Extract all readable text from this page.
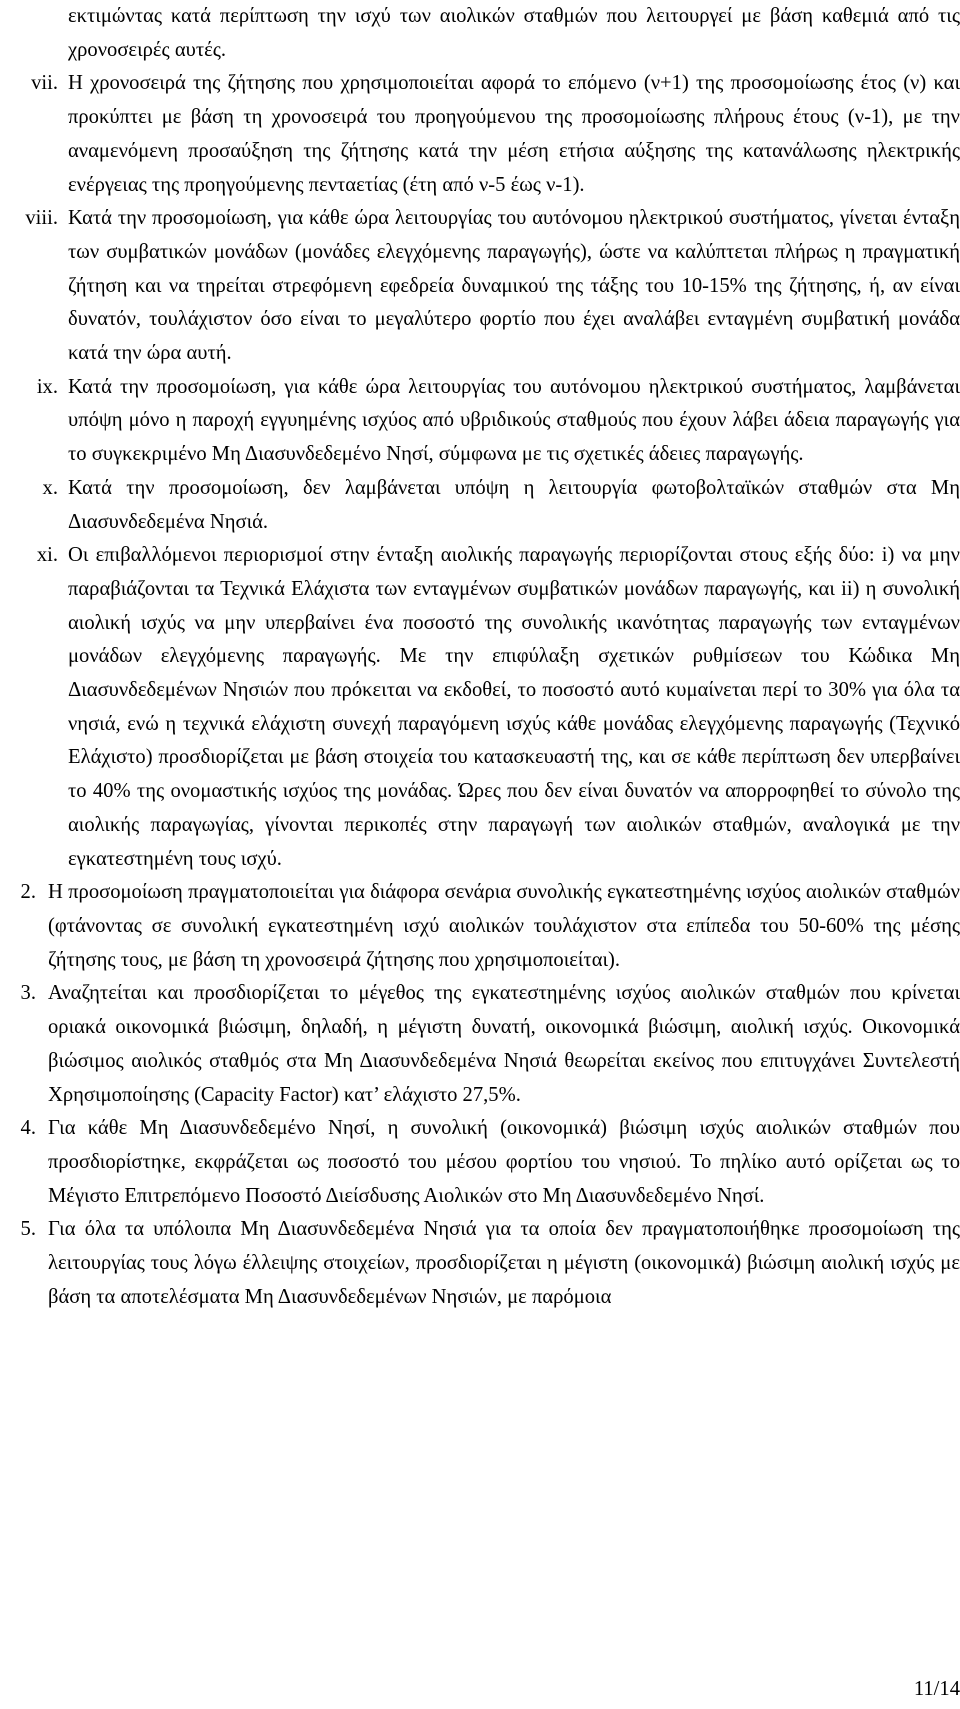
εκτιμώντας κατά περίπτωση την ισχύ των αιολικών σταθμών που λειτουργεί με βάση καθεμιά από τις χρονοσειρές αυτές.
vii. Η χρονοσειρά της ζήτησης που χρησιμοποιείται αφορά το επόμενο (ν+1) της προσομοίωσης έτος (ν) και προκύπτει με βάση τη χρονοσειρά του προηγούμενου της προσομοίωσης πλήρους έτους (ν-1), με την αναμενόμενη προσαύξηση της ζήτησης κατά την μέση ετήσια αύξησης της κατανάλωσης ηλεκτρικής ενέργειας της προηγούμενης πενταετίας (έτη από ν-5 έως ν-1).
viii. Κατά την προσομοίωση, για κάθε ώρα λειτουργίας του αυτόνομου ηλεκτρικού συστήματος, γίνεται ένταξη των συμβατικών μονάδων (μονάδες ελεγχόμενης παραγωγής), ώστε να καλύπτεται πλήρως η πραγματική ζήτηση και να τηρείται στρεφόμενη εφεδρεία δυναμικού της τάξης του 10-15% της ζήτησης, ή, αν είναι δυνατόν, τουλάχιστον όσο είναι το μεγαλύτερο φορτίο που έχει αναλάβει ενταγμένη συμβατική μονάδα κατά την ώρα αυτή.
ix. Κατά την προσομοίωση, για κάθε ώρα λειτουργίας του αυτόνομου ηλεκτρικού συστήματος, λαμβάνεται υπόψη μόνο η παροχή εγγυημένης ισχύος από υβριδικούς σταθμούς που έχουν λάβει άδεια παραγωγής για το συγκεκριμένο Μη Διασυνδεδεμένο Νησί, σύμφωνα με τις σχετικές άδειες παραγωγής.
x. Κατά την προσομοίωση, δεν λαμβάνεται υπόψη η λειτουργία φωτοβολταϊκών σταθμών στα Μη Διασυνδεδεμένα Νησιά.
xi. Οι επιβαλλόμενοι περιορισμοί στην ένταξη αιολικής παραγωγής περιορίζονται στους εξής δύο: i) να μην παραβιάζονται τα Τεχνικά Ελάχιστα των ενταγμένων συμβατικών μονάδων παραγωγής, και ii) η συνολική αιολική ισχύς να μην υπερβαίνει ένα ποσοστό της συνολικής ικανότητας παραγωγής των ενταγμένων μονάδων ελεγχόμενης παραγωγής. Με την επιφύλαξη σχετικών ρυθμίσεων του Κώδικα Μη Διασυνδεδεμένων Νησιών που πρόκειται να εκδοθεί, το ποσοστό αυτό κυμαίνεται περί το 30% για όλα τα νησιά, ενώ η τεχνικά ελάχιστη συνεχή παραγόμενη ισχύς κάθε μονάδας ελεγχόμενης παραγωγής (Τεχνικό Ελάχιστο) προσδιορίζεται με βάση στοιχεία του κατασκευαστή της, και σε κάθε περίπτωση δεν υπερβαίνει το 40% της ονομαστικής ισχύος της μονάδας. Ώρες που δεν είναι δυνατόν να απορροφηθεί το σύνολο της αιολικής παραγωγίας, γίνονται περικοπές στην παραγωγή των αιολικών σταθμών, αναλογικά με την εγκατεστημένη τους ισχύ.
2. Η προσομοίωση πραγματοποιείται για διάφορα σενάρια συνολικής εγκατεστημένης ισχύος αιολικών σταθμών (φτάνοντας σε συνολική εγκατεστημένη ισχύ αιολικών τουλάχιστον στα επίπεδα του 50-60% της μέσης ζήτησης τους, με βάση τη χρονοσειρά ζήτησης που χρησιμοποιείται).
3. Αναζητείται και προσδιορίζεται το μέγεθος της εγκατεστημένης ισχύος αιολικών σταθμών που κρίνεται οριακά οικονομικά βιώσιμη, δηλαδή, η μέγιστη δυνατή, οικονομικά βιώσιμη, αιολική ισχύς. Οικονομικά βιώσιμος αιολικός σταθμός στα Μη Διασυνδεδεμένα Νησιά θεωρείται εκείνος που επιτυγχάνει Συντελεστή Χρησιμοποίησης (Capacity Factor) κατ’ ελάχιστο 27,5%.
4. Για κάθε Μη Διασυνδεδεμένο Νησί, η συνολική (οικονομικά) βιώσιμη ισχύς αιολικών σταθμών που προσδιορίστηκε, εκφράζεται ως ποσοστό του μέσου φορτίου του νησιού. Το πηλίκο αυτό ορίζεται ως το Μέγιστο Επιτρεπόμενο Ποσοστό Διείσδυσης Αιολικών στο Μη Διασυνδεδεμένο Νησί.
5. Για όλα τα υπόλοιπα Μη Διασυνδεδεμένα Νησιά για τα οποία δεν πραγματοποιήθηκε προσομοίωση της λειτουργίας τους λόγω έλλειψης στοιχείων, προσδιορίζεται η μέγιστη (οικονομικά) βιώσιμη αιολική ισχύς με βάση τα αποτελέσματα Μη Διασυνδεδεμένων Νησιών, με παρόμοια
11/14
